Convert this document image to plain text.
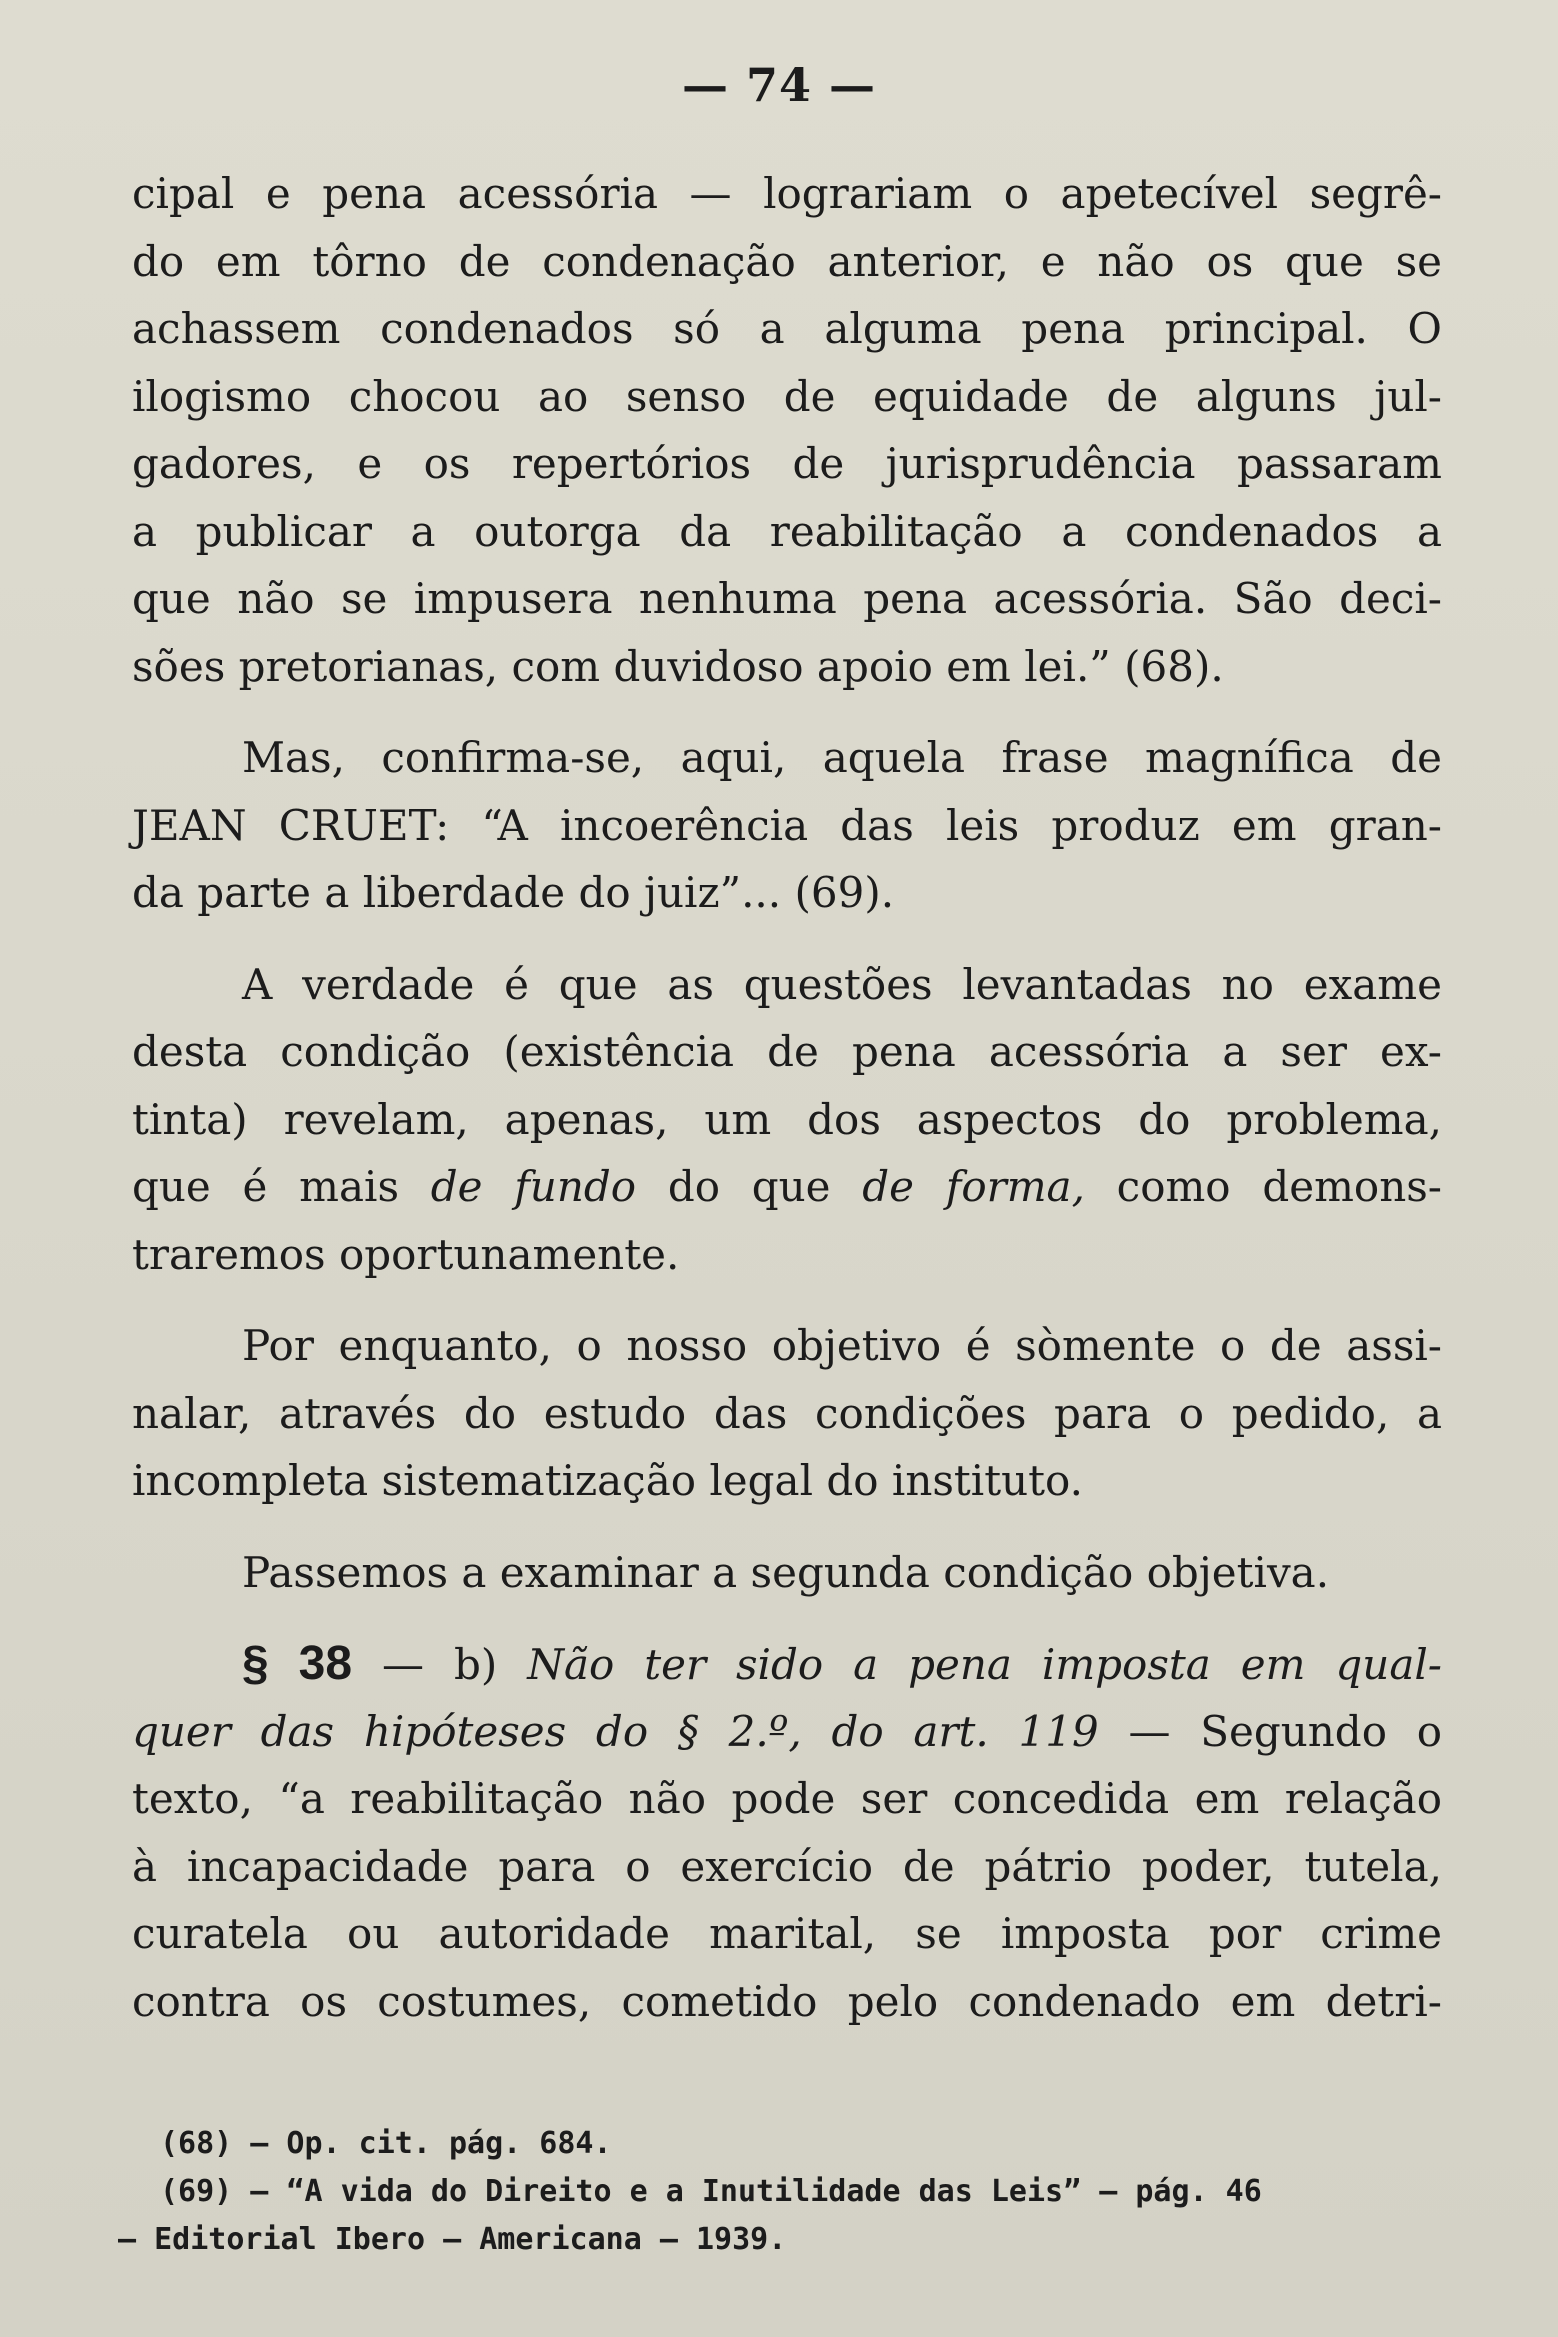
— 74 —
cipal e pena acessória — lograriam o apetecível segrê-
do em tôrno de condenação anterior, e não os que se
achassem condenados só a alguma pena principal. O
ilogismo chocou ao senso de equidade de alguns jul-
gadores, e os repertórios de jurisprudência passaram
a publicar a outorga da reabilitação a condenados a
que não se impusera nenhuma pena acessória. São deci-
sões pretorianas, com duvidoso apoio em lei.” (68).
Mas, confirma-se, aqui, aquela frase magnífica de
JEAN CRUET: “A incoerência das leis produz em gran-
da parte a liberdade do juiz”... (69).
A verdade é que as questões levantadas no exame
desta condição (existência de pena acessória a ser ex-
tinta) revelam, apenas, um dos aspectos do problema,
que é mais de fundo do que de forma, como demons-
traremos oportunamente.
Por enquanto, o nosso objetivo é sòmente o de assi-
nalar, através do estudo das condições para o pedido, a
incompleta sistematização legal do instituto.
Passemos a examinar a segunda condição objetiva.
§ 38 — b) Não ter sido a pena imposta em qual-
quer das hipóteses do § 2.º, do art. 119 — Segundo o
texto, “a reabilitação não pode ser concedida em relação
à incapacidade para o exercício de pátrio poder, tutela,
curatela ou autoridade marital, se imposta por crime
contra os costumes, cometido pelo condenado em detri-
(68) — Op. cit. pág. 684.
(69) — “A vida do Direito e a Inutilidade das Leis” — pág. 46
— Editorial Ibero — Americana — 1939.
